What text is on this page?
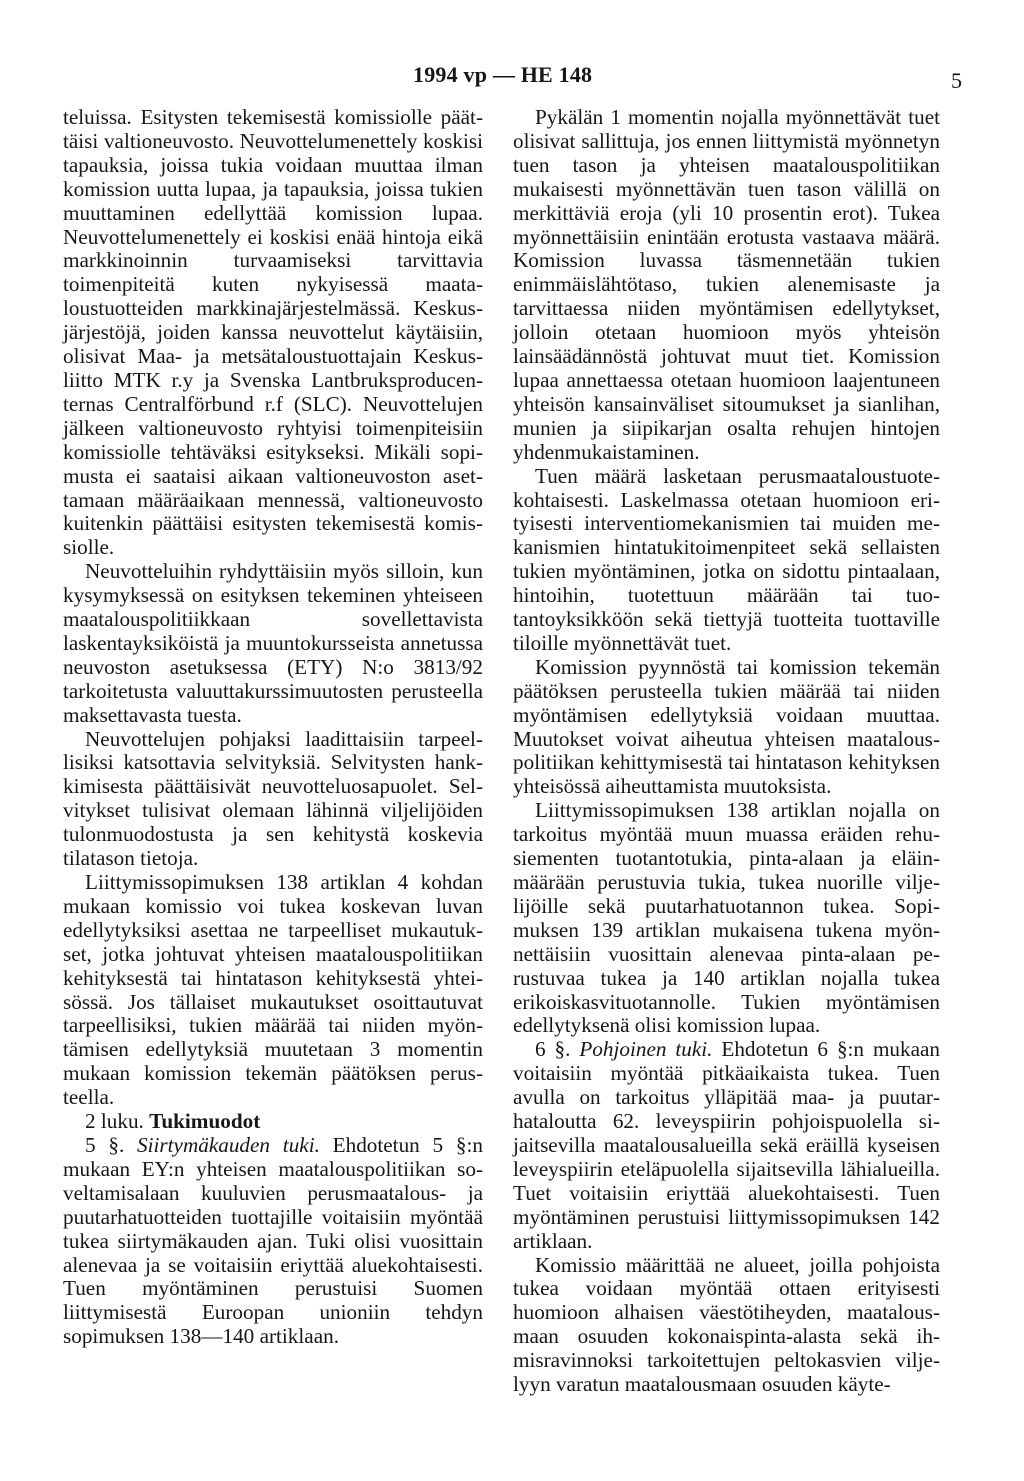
1994 vp — HE 148	5

teluissa. Esitysten tekemisestä komissiolle päättäisi valtioneuvosto. Neuvottelumenettely koskisi tapauksia, joissa tukia voidaan muuttaa ilman komission uutta lupaa, ja tapauksia, joissa tukien muuttaminen edellyttää komission lupaa. Neuvottelumenettely ei koskisi enää hintoja eikä markkinoinnin turvaamiseksi tarvittavia toimenpiteitä kuten nykyisessä maataloustuotteiden markkinajärjestelmässä. Keskusjärjestöjä, joiden kanssa neuvottelut käytäisiin, olisivat Maa- ja metsätaloustuottajain Keskusliitto MTK r.y ja Svenska Lantbruksproducenternas Centralförbund r.f (SLC). Neuvottelujen jälkeen valtioneuvosto ryhtyisi toimenpiteisiin komissiolle tehtäväksi esitykseksi. Mikäli sopimusta ei saataisi aikaan valtioneuvoston asettamaan määräaikaan mennessä, valtioneuvosto kuitenkin päättäisi esitysten tekemisestä komissiolle.

Neuvotteluihin ryhdyttäisiin myös silloin, kun kysymyksessä on esityksen tekeminen yhteiseen maatalouspolitiikkaan sovellettavista laskentayksiköistä ja muuntokursseista annetussa neuvoston asetuksessa (ETY) N:o 3813/92 tarkoitetusta valuuttakurssimuutosten perusteella maksettavasta tuesta.

Neuvottelujen pohjaksi laadittaisiin tarpeellisiksi katsottavia selvityksiä. Selvitysten hankkimisesta päättäisivät neuvotteluosapuolet. Selvitykset tulisivat olemaan lähinnä viljelijöiden tulonmuodostusta ja sen kehitystä koskevia tilatason tietoja.

Liittymissopimuksen 138 artiklan 4 kohdan mukaan komissio voi tukea koskevan luvan edellytyksiksi asettaa ne tarpeelliset mukautukset, jotka johtuvat yhteisen maatalouspolitiikan kehityksestä tai hintatason kehityksestä yhteisössä. Jos tällaiset mukautukset osoittautuvat tarpeellisiksi, tukien määrää tai niiden myöntämisen edellytyksiä muutetaan 3 momentin mukaan komission tekemän päätöksen perusteella.

2 luku. Tukimuodot

5 §. Siirtymäkauden tuki. Ehdotetun 5 §:n mukaan EY:n yhteisen maatalouspolitiikan soveltamisalaan kuuluvien perusmaatalous- ja puutarhatuotteiden tuottajille voitaisiin myöntää tukea siirtymäkauden ajan. Tuki olisi vuosittain alenevaa ja se voitaisiin eriyttää aluekohtaisesti. Tuen myöntäminen perustuisi Suomen liittymisestä Euroopan unioniin tehdyn sopimuksen 138—140 artiklaan.

Pykälän 1 momentin nojalla myönnettävät tuet olisivat sallittuja, jos ennen liittymistä myönnetyn tuen tason ja yhteisen maatalouspolitiikan mukaisesti myönnettävän tuen tason välillä on merkittäviä eroja (yli 10 prosentin erot). Tukea myönnettäisiin enintään erotusta vastaava määrä. Komission luvassa täsmennetään tukien enimmäislähtötaso, tukien alenemisaste ja tarvittaessa niiden myöntämisen edellytykset, jolloin otetaan huomioon myös yhteisön lainsäädännöstä johtuvat muut tiet. Komission lupaa annettaessa otetaan huomioon laajentuneen yhteisön kansainväliset sitoumukset ja sianlihan, munien ja siipikarjan osalta rehujen hintojen yhdenmukaistaminen.

Tuen määrä lasketaan perusmaataloustuotekohtaisesti. Laskelmassa otetaan huomioon erityisesti interventiomekanismien tai muiden mekanismien hintatukitoimenpiteet sekä sellaisten tukien myöntäminen, jotka on sidottu pintaalaan, hintoihin, tuotettuun määrään tai tuotantoyksikköön sekä tiettyjä tuotteita tuottaville tiloille myönnettävät tuet.

Komission pyynnöstä tai komission tekemän päätöksen perusteella tukien määrää tai niiden myöntämisen edellytyksiä voidaan muuttaa. Muutokset voivat aiheutua yhteisen maatalouspolitiikan kehittymisestä tai hintatason kehityksen yhteisössä aiheuttamista muutoksista.

Liittymissopimuksen 138 artiklan nojalla on tarkoitus myöntää muun muassa eräiden rehusiementen tuotantotukia, pinta-alaan ja eläinmäärään perustuvia tukia, tukea nuorille viljelijöille sekä puutarhatuotannon tukea. Sopimuksen 139 artiklan mukaisena tukena myönnettäisiin vuosittain alenevaa pinta-alaan perustuvaa tukea ja 140 artiklan nojalla tukea erikoiskasvituotannolle. Tukien myöntämisen edellytyksenä olisi komission lupaa.

6 §. Pohjoinen tuki. Ehdotetun 6 §:n mukaan voitaisiin myöntää pitkäaikaista tukea. Tuen avulla on tarkoitus ylläpitää maa- ja puutarhataloutta 62. leveyspiirin pohjoispuolella sijaitsevilla maatalousalueilla sekä eräillä kyseisen leveyspiirin eteläpuolella sijaitsevilla lähialueilla. Tuet voitaisiin eriyttää aluekohtaisesti. Tuen myöntäminen perustuisi liittymissopimuksen 142 artiklaan.

Komissio määrittää ne alueet, joilla pohjoista tukea voidaan myöntää ottaen erityisesti huomioon alhaisen väestötiheyden, maatalousmaan osuuden kokonaispinta-alasta sekä ihmisravinnoksi tarkoitettujen peltokasvien viljelyyn varatun maatalousmaan osuuden käyte-
